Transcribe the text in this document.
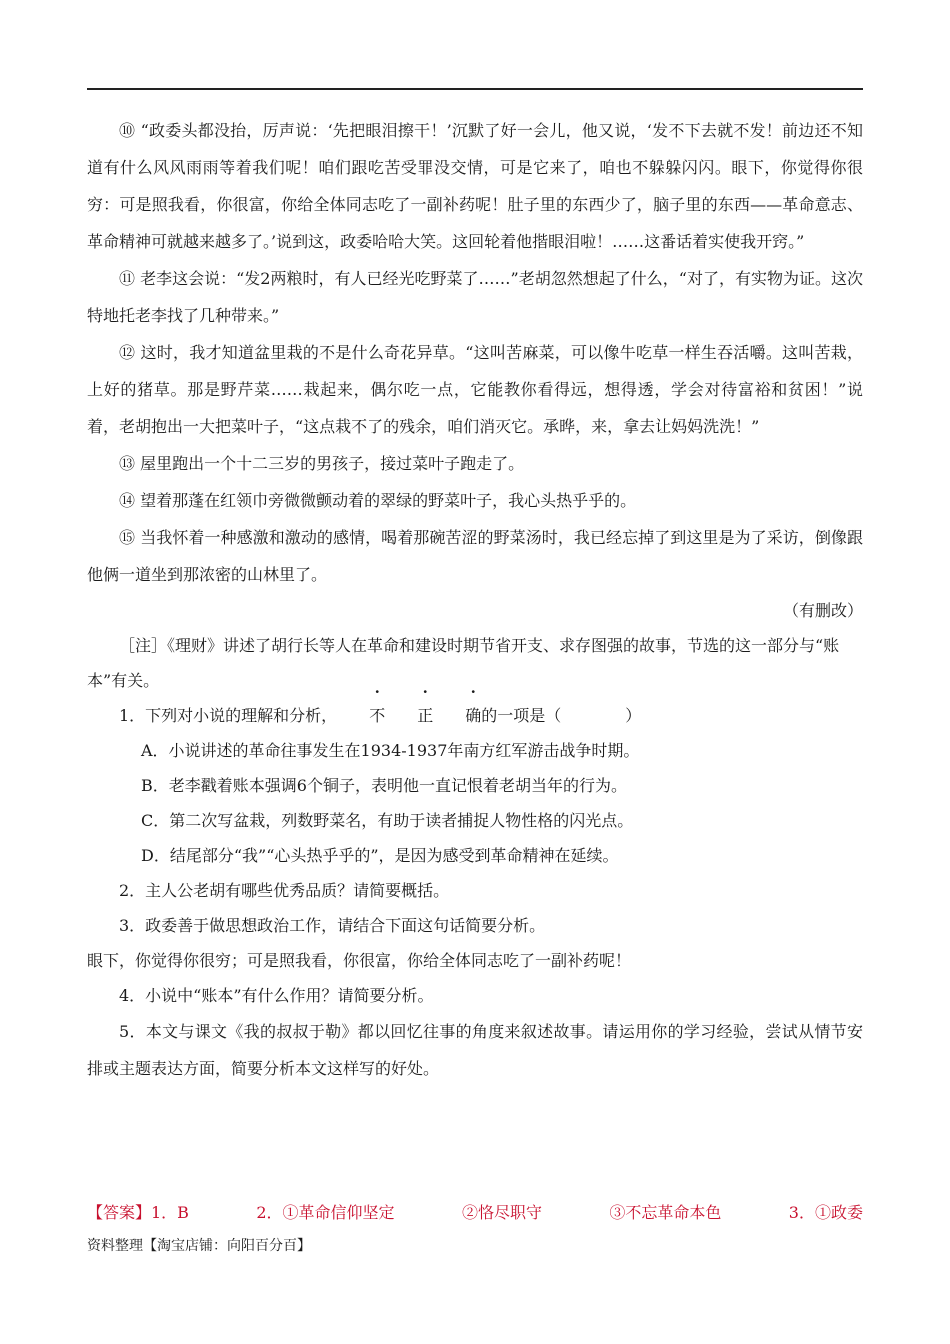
⑩ “政委头都没抬，厉声说：‘先把眼泪擦干！’沉默了好一会儿，他又说，‘发不下去就不发！前边还不知道有什么风风雨雨等着我们呢！咱们跟吃苦受罪没交情，可是它来了，咱也不躲躲闪闪。眼下，你觉得你很穷：可是照我看，你很富，你给全体同志吃了一副补药呢！肚子里的东西少了，脑子里的东西——革命意志、革命精神可就越来越多了。’说到这，政委哈哈大笑。这回轮着他揩眼泪啦！……这番话着实使我开窍。”

⑪ 老李这会说：“发2两粮时，有人已经光吃野菜了……”老胡忽然想起了什么，“对了，有实物为证。这次特地托老李找了几种带来。”

⑫ 这时，我才知道盆里栽的不是什么奇花异草。“这叫苦麻菜，可以像牛吃草一样生吞活嚼。这叫苦栽，上好的猪草。那是野芹菜……栽起来，偶尔吃一点，它能教你看得远，想得透，学会对待富裕和贫困！”说着，老胡抱出一大把菜叶子，“这点栽不了的残余，咱们消灭它。承晔，来，拿去让妈妈洗洗！”

⑬ 屋里跑出一个十二三岁的男孩子，接过菜叶子跑走了。

⑭ 望着那蓬在红领巾旁微微颤动着的翠绿的野菜叶子，我心头热乎乎的。

⑮ 当我怀着一种感激和激动的感情，喝着那碗苦涩的野菜汤时，我已经忘掉了到这里是为了采访，倒像跟他俩一道坐到那浓密的山林里了。

（有删改）

［注］《理财》讲述了胡行长等人在革命和建设时期节省开支、求存图强的故事，节选的这一部分与“账本”有关。

1．下列对小说的理解和分析， 不 正 确的一项是（	）

A．小说讲述的革命往事发生在1934-1937年南方红军游击战争时期。

B．老李戳着账本强调6个铜子，表明他一直记恨着老胡当年的行为。

C．第二次写盆栽，列数野菜名，有助于读者捕捉人物性格的闪光点。

D．结尾部分“我”“心头热乎乎的”，是因为感受到革命精神在延续。

2．主人公老胡有哪些优秀品质？请简要概括。

3．政委善于做思想政治工作，请结合下面这句话简要分析。

眼下，你觉得你很穷；可是照我看，你很富，你给全体同志吃了一副补药呢！

4．小说中“账本”有什么作用？请简要分析。

5．本文与课文《我的叔叔于勒》都以回忆往事的角度来叙述故事。请运用你的学习经验，尝试从情节安排或主题表达方面，简要分析本文这样写的好处。

【答案】1．B	2．①革命信仰坚定	②恪尽职守	③不忘革命本色	3．①政委
资料整理【淘宝店铺：向阳百分百】
